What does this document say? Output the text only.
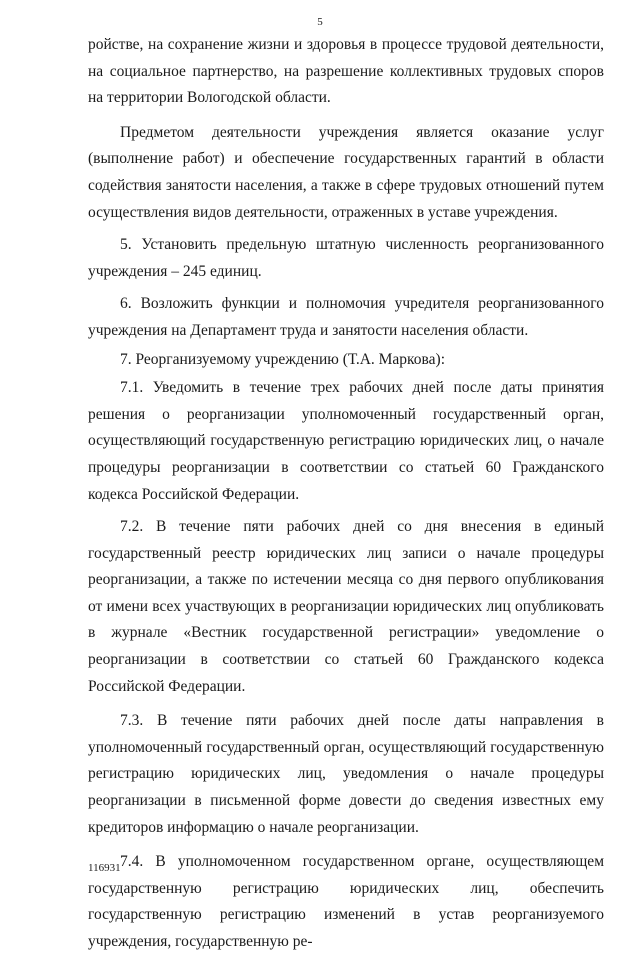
5

ройстве, на сохранение жизни и здоровья в процессе трудовой деятельности, на социальное партнерство, на разрешение коллективных трудовых споров на территории Вологодской области.

Предметом деятельности учреждения является оказание услуг (выполнение работ) и обеспечение государственных гарантий в области содействия занятости населения, а также в сфере трудовых отношений путем осуществления видов деятельности, отраженных в уставе учреждения.

5. Установить предельную штатную численность реорганизованного учреждения – 245 единиц.

6. Возложить функции и полномочия учредителя реорганизованного учреждения на Департамент труда и занятости населения области.

7. Реорганизуемому учреждению (Т.А. Маркова):

7.1. Уведомить в течение трех рабочих дней после даты принятия решения о реорганизации уполномоченный государственный орган, осуществляющий государственную регистрацию юридических лиц, о начале процедуры реорганизации в соответствии со статьей 60 Гражданского кодекса Российской Федерации.

7.2. В течение пяти рабочих дней со дня внесения в единый государственный реестр юридических лиц записи о начале процедуры реорганизации, а также по истечении месяца со дня первого опубликования от имени всех участвующих в реорганизации юридических лиц опубликовать в журнале «Вестник государственной регистрации» уведомление о реорганизации в соответствии со статьей 60 Гражданского кодекса Российской Федерации.

7.3. В течение пяти рабочих дней после даты направления в уполномоченный государственный орган, осуществляющий государственную регистрацию юридических лиц, уведомления о начале процедуры реорганизации в письменной форме довести до сведения известных ему кредиторов информацию о начале реорганизации.

7.4. В уполномоченном государственном органе, осуществляющем государственную регистрацию юридических лиц, обеспечить государственную регистрацию изменений в устав реорганизуемого учреждения, государственную ре-

116931
